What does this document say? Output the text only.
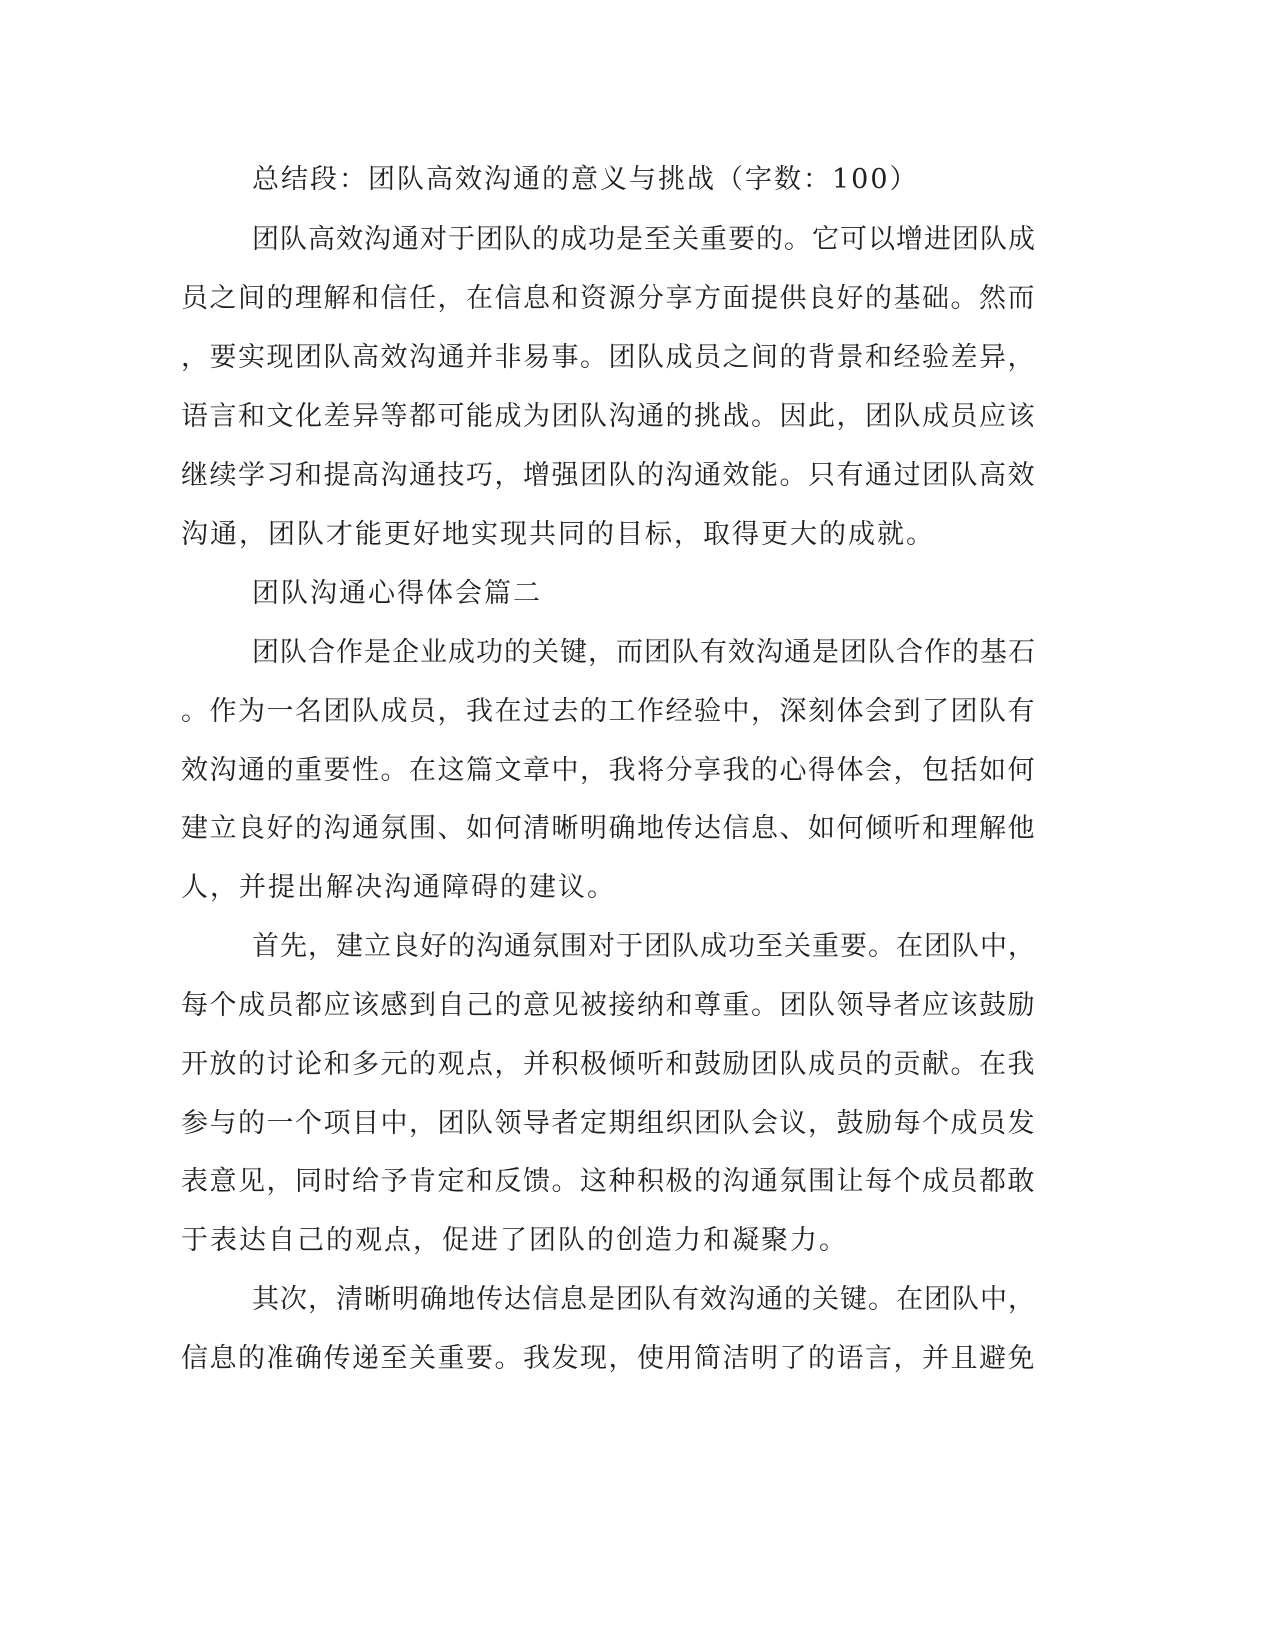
总结段：团队高效沟通的意义与挑战（字数：100）

团队高效沟通对于团队的成功是至关重要的。它可以增进团队成

员之间的理解和信任，在信息和资源分享方面提供良好的基础。然而

，要实现团队高效沟通并非易事。团队成员之间的背景和经验差异，

语言和文化差异等都可能成为团队沟通的挑战。因此，团队成员应该

继续学习和提高沟通技巧，增强团队的沟通效能。只有通过团队高效

沟通，团队才能更好地实现共同的目标，取得更大的成就。

团队沟通心得体会篇二

团队合作是企业成功的关键，而团队有效沟通是团队合作的基石

。作为一名团队成员，我在过去的工作经验中，深刻体会到了团队有

效沟通的重要性。在这篇文章中，我将分享我的心得体会，包括如何

建立良好的沟通氛围、如何清晰明确地传达信息、如何倾听和理解他

人，并提出解决沟通障碍的建议。

首先，建立良好的沟通氛围对于团队成功至关重要。在团队中，

每个成员都应该感到自己的意见被接纳和尊重。团队领导者应该鼓励

开放的讨论和多元的观点，并积极倾听和鼓励团队成员的贡献。在我

参与的一个项目中，团队领导者定期组织团队会议，鼓励每个成员发

表意见，同时给予肯定和反馈。这种积极的沟通氛围让每个成员都敢

于表达自己的观点，促进了团队的创造力和凝聚力。

其次，清晰明确地传达信息是团队有效沟通的关键。在团队中，

信息的准确传递至关重要。我发现，使用简洁明了的语言，并且避免
